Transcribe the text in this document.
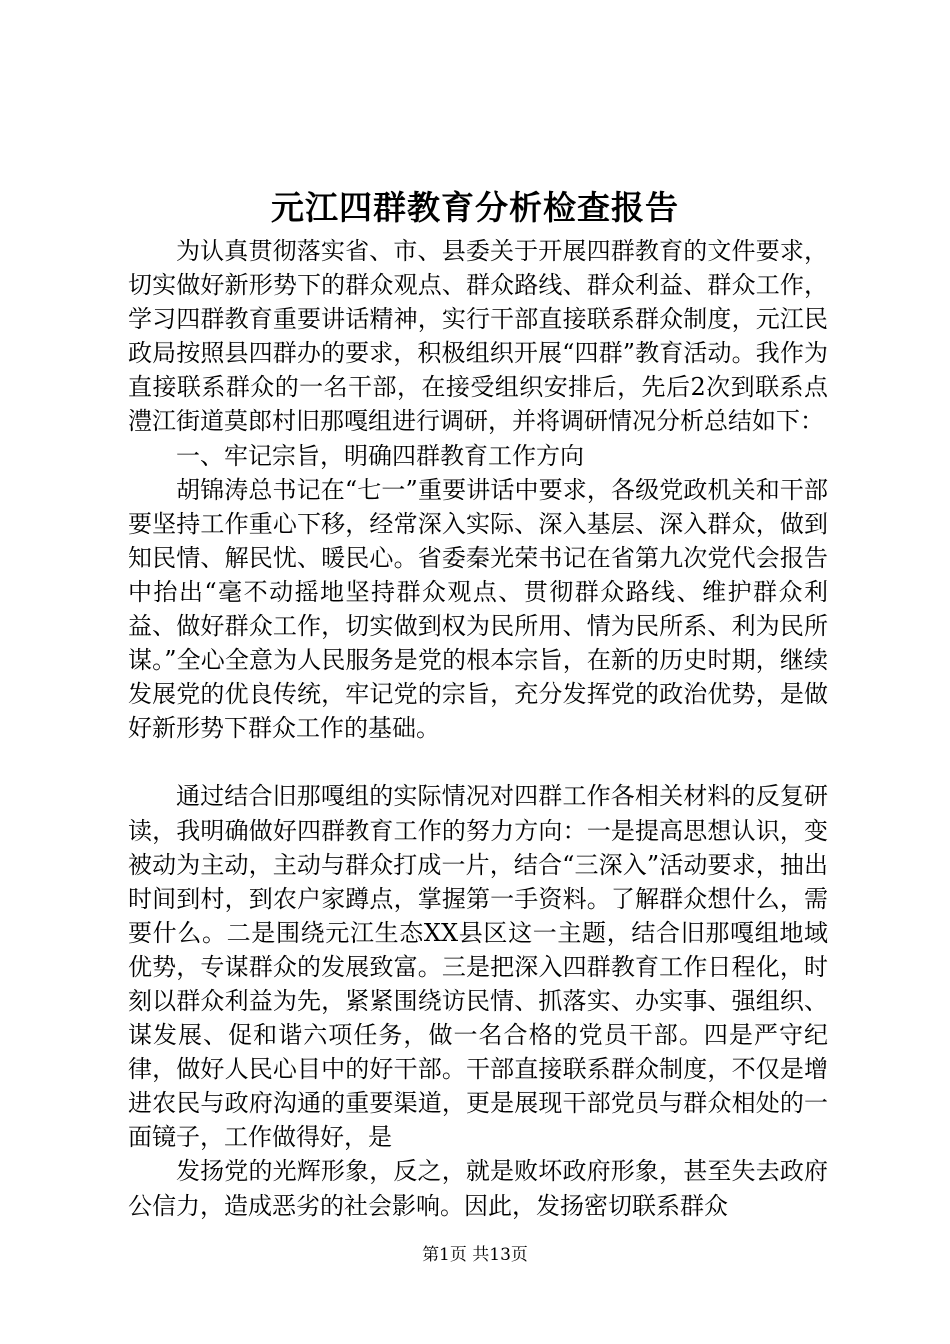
元江四群教育分析检查报告

为认真贯彻落实省、市、县委关于开展四群教育的文件要求，切实做好新形势下的群众观点、群众路线、群众利益、群众工作，学习四群教育重要讲话精神，实行干部直接联系群众制度，元江民政局按照县四群办的要求，积极组织开展“四群”教育活动。我作为直接联系群众的一名干部，在接受组织安排后，先后2次到联系点澧江街道莫郎村旧那嘎组进行调研，并将调研情况分析总结如下：

一、牢记宗旨，明确四群教育工作方向

胡锦涛总书记在“七一”重要讲话中要求，各级党政机关和干部要坚持工作重心下移，经常深入实际、深入基层、深入群众，做到知民情、解民忧、暖民心。省委秦光荣书记在省第九次党代会报告中抬出“毫不动摇地坚持群众观点、贯彻群众路线、维护群众利益、做好群众工作，切实做到权为民所用、情为民所系、利为民所谋。”全心全意为人民服务是党的根本宗旨，在新的历史时期，继续发展党的优良传统，牢记党的宗旨，充分发挥党的政治优势，是做好新形势下群众工作的基础。

通过结合旧那嘎组的实际情况对四群工作各相关材料的反复研读，我明确做好四群教育工作的努力方向：一是提高思想认识，变被动为主动，主动与群众打成一片，结合“三深入”活动要求，抽出时间到村，到农户家蹲点，掌握第一手资料。了解群众想什么，需要什么。二是围绕元江生态XX县区这一主题，结合旧那嘎组地域优势，专谋群众的发展致富。三是把深入四群教育工作日程化，时刻以群众利益为先，紧紧围绕访民情、抓落实、办实事、强组织、谋发展、促和谐六项任务，做一名合格的党员干部。四是严守纪律，做好人民心目中的好干部。干部直接联系群众制度，不仅是增进农民与政府沟通的重要渠道，更是展现干部党员与群众相处的一面镜子，工作做得好，是

发扬党的光辉形象，反之，就是败坏政府形象，甚至失去政府公信力，造成恶劣的社会影响。因此，发扬密切联系群众

第1页 共13页
